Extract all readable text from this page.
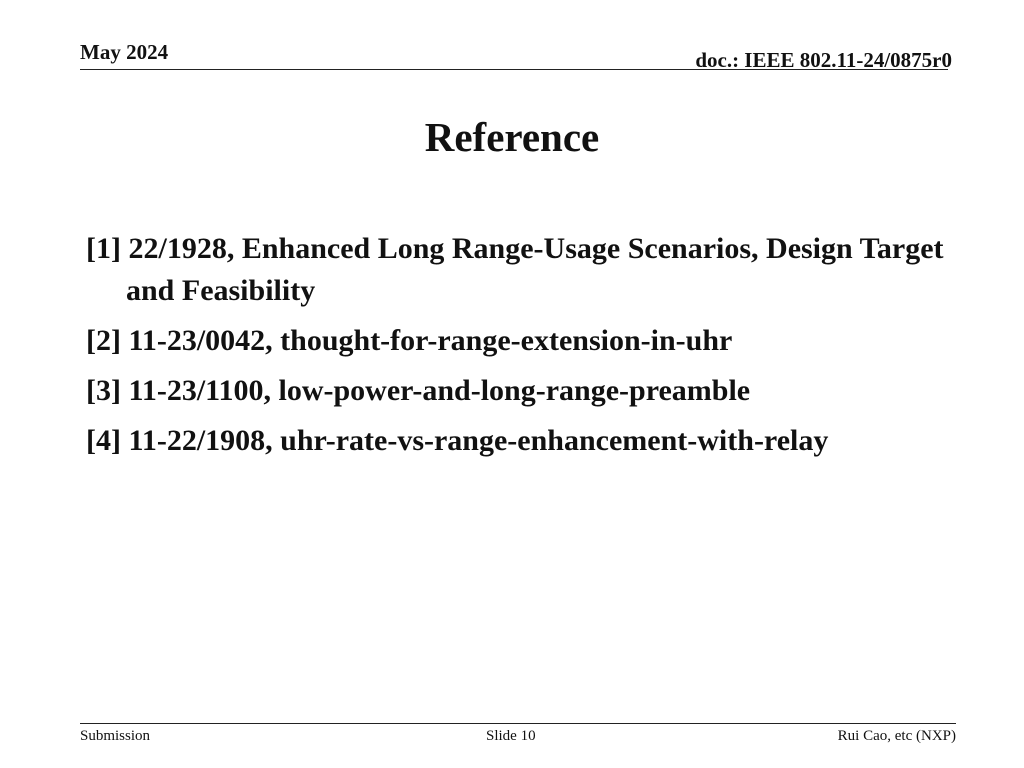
May 2024	doc.: IEEE 802.11-24/0875r0
Reference
[1] 22/1928, Enhanced Long Range-Usage Scenarios, Design Target and Feasibility
[2] 11-23/0042, thought-for-range-extension-in-uhr
[3] 11-23/1100, low-power-and-long-range-preamble
[4] 11-22/1908, uhr-rate-vs-range-enhancement-with-relay
Submission	Slide 10	Rui Cao, etc (NXP)
